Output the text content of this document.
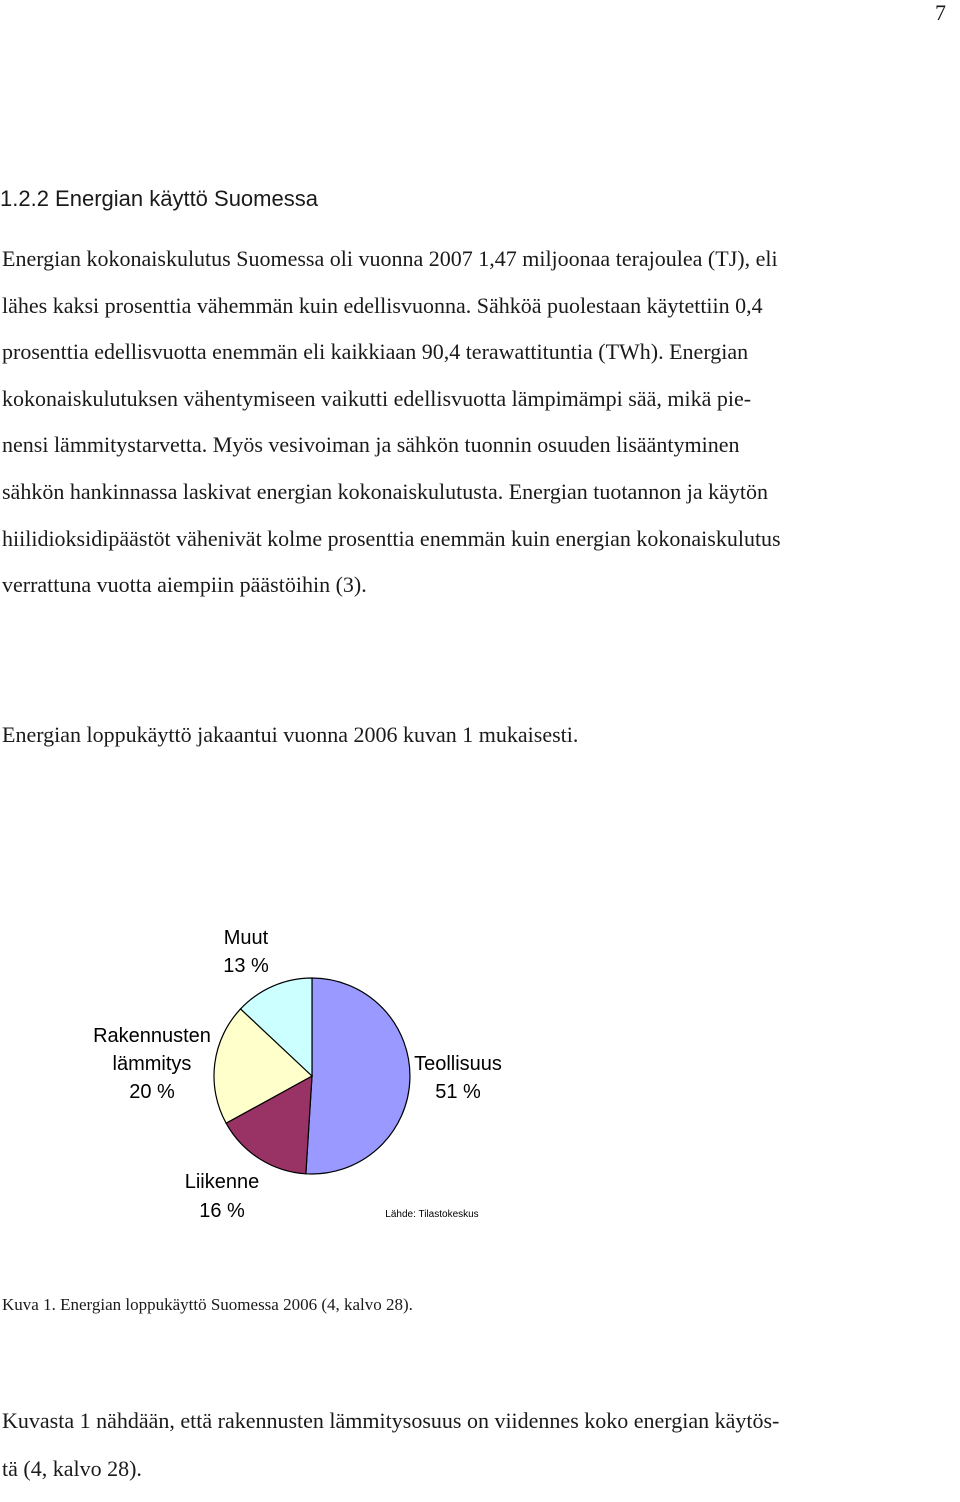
7
1.2.2 Energian käyttö Suomessa
Energian kokonaiskulutus Suomessa oli vuonna 2007 1,47 miljoonaa terajoulea (TJ), eli
lähes kaksi prosenttia vähemmän kuin edellisvuonna. Sähköä puolestaan käytettiin 0,4
prosenttia edellisvuotta enemmän eli kaikkiaan 90,4 terawattituntia (TWh). Energian
kokonaiskulutuksen vähentymiseen vaikutti edellisvuotta lämpimämpi sää, mikä pie-
nensi lämmitystarvetta. Myös vesivoiman ja sähkön tuonnin osuuden lisääntyminen
sähkön hankinnassa laskivat energian kokonaiskulutusta. Energian tuotannon ja käytön
hiilidioksidipäästöt vähenivät kolme prosenttia enemmän kuin energian kokonaiskulutus
verrattuna vuotta aiempiin päästöihin (3).
Energian loppukäyttö jakaantui vuonna 2006 kuvan 1 mukaisesti.
Muut
13 %
Rakennusten
lämmitys
20 %
Teollisuus
51 %
Liikenne
16 %	Lähde: Tilastokeskus
Kuva 1. Energian loppukäyttö Suomessa 2006 (4, kalvo 28).
Kuvasta 1 nähdään, että rakennusten lämmitysosuus on viidennes koko energian käytös-
tä (4, kalvo 28).
